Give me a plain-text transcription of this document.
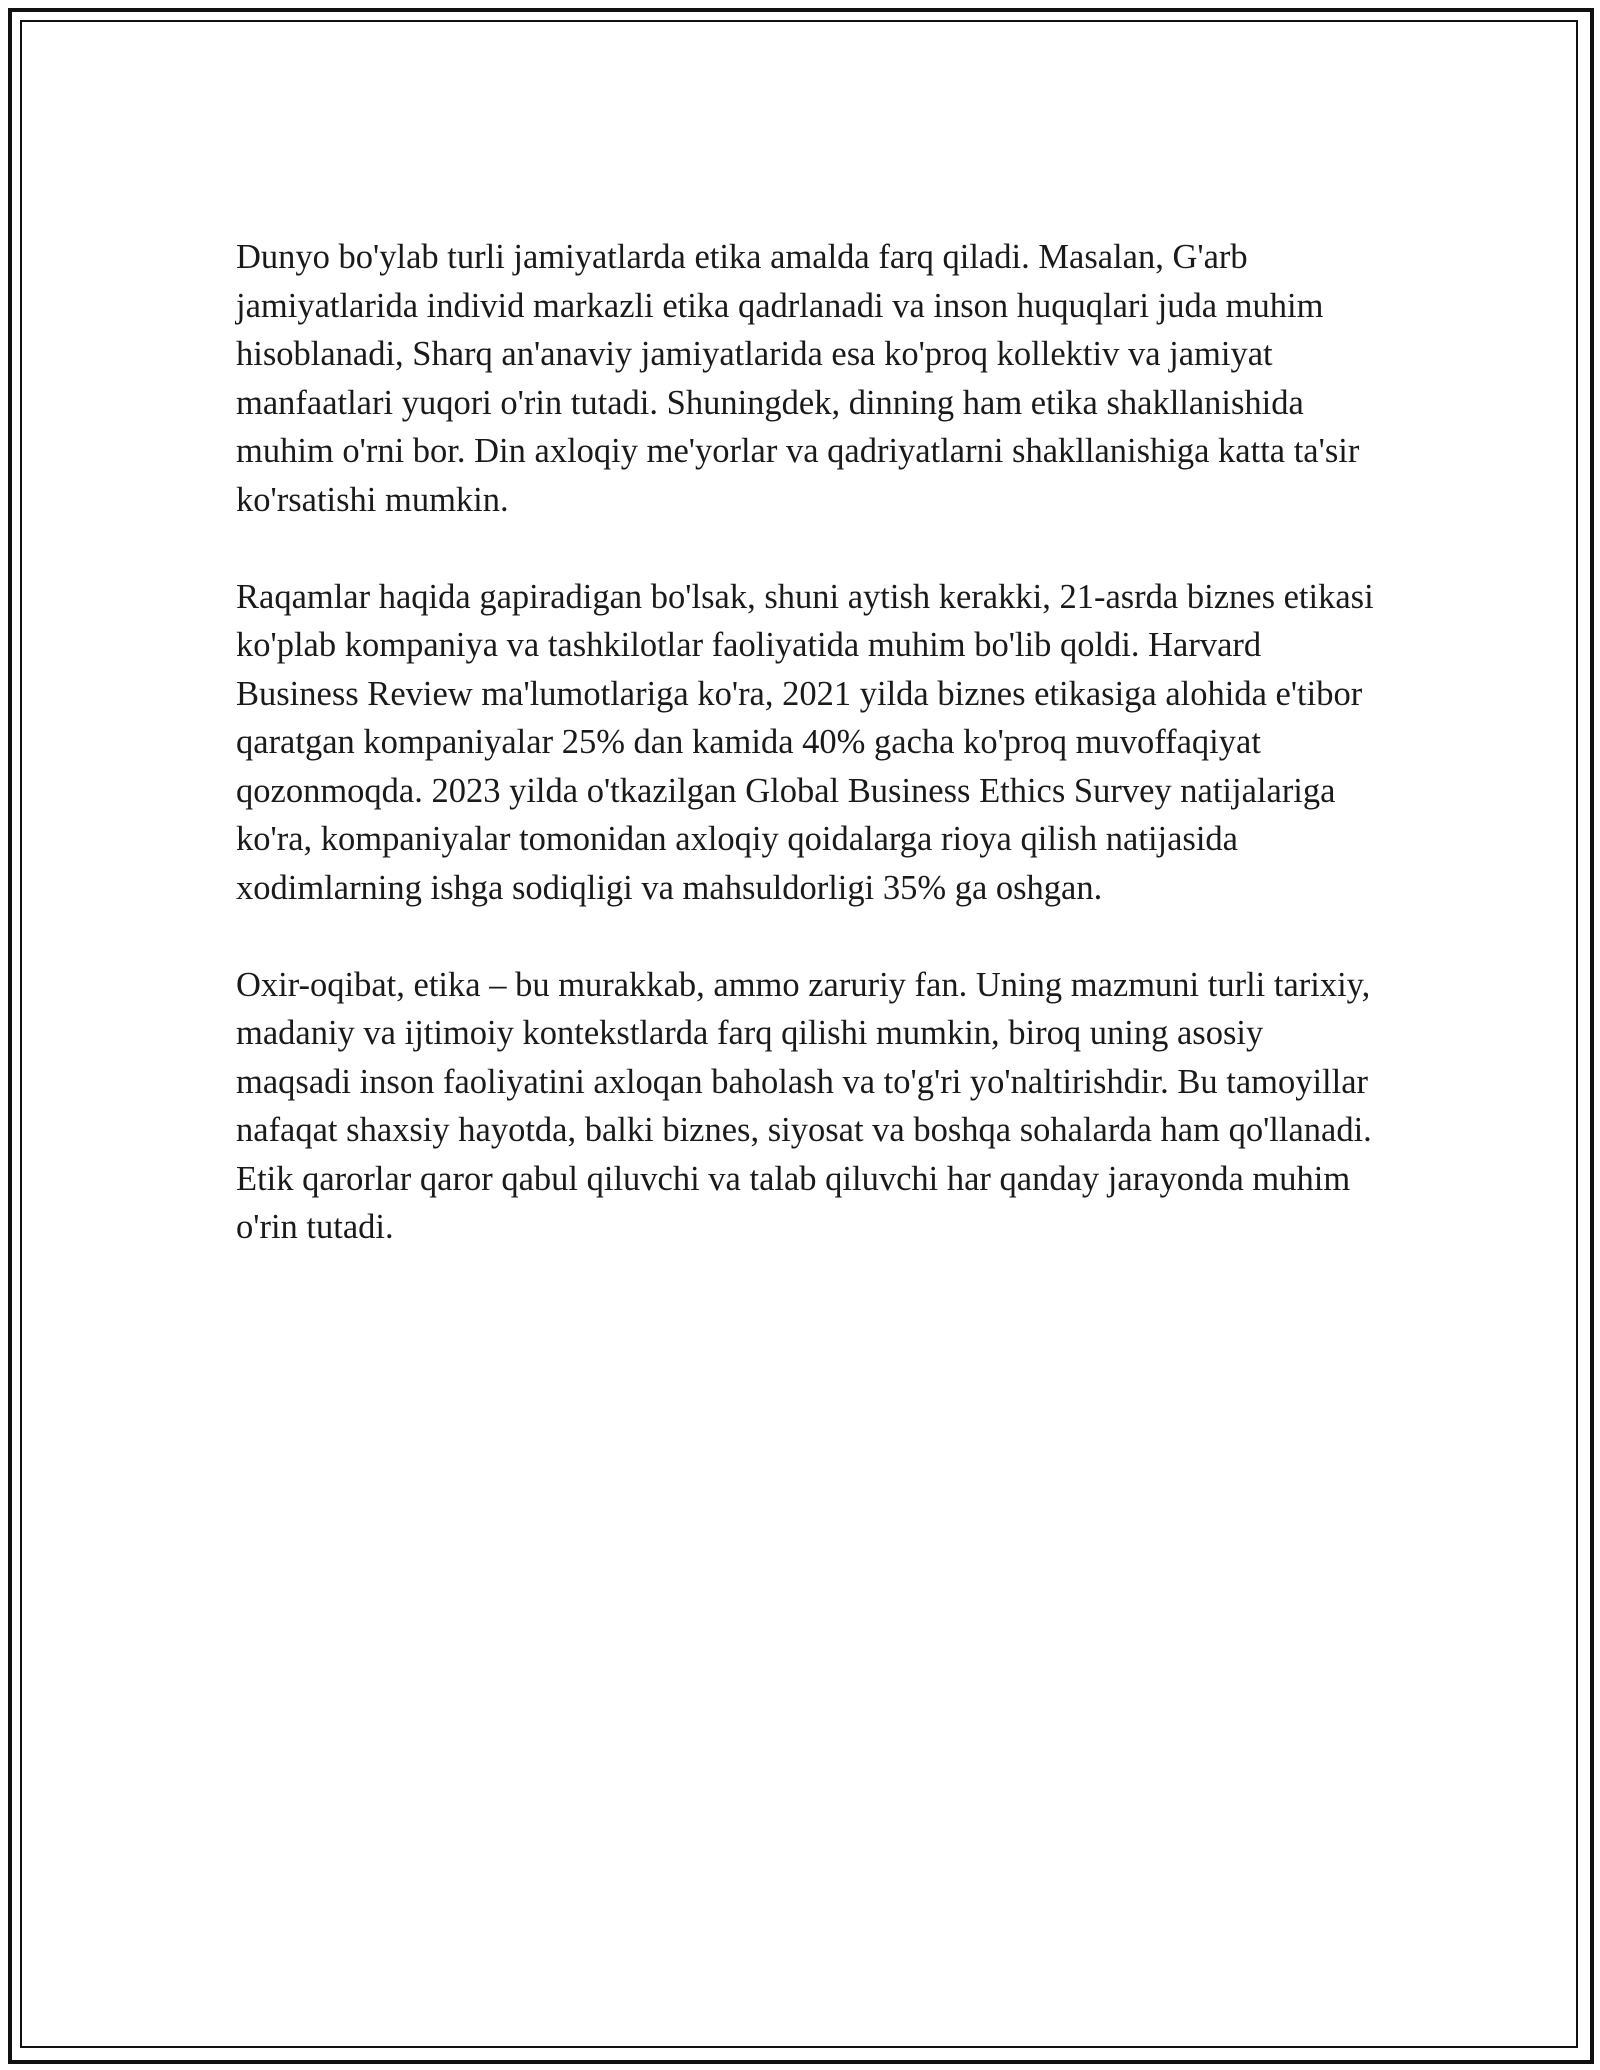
Dunyo bo'ylab turli jamiyatlarda etika amalda farq qiladi. Masalan, G'arb jamiyatlarida individ markazli etika qadrlanadi va inson huquqlari juda muhim hisoblanadi, Sharq an'anaviy jamiyatlarida esa ko'proq kollektiv va jamiyat manfaatlari yuqori o'rin tutadi. Shuningdek, dinning ham etika shakllanishida muhim o'rni bor. Din axloqiy me'yorlar va qadriyatlarni shakllanishiga katta ta'sir ko'rsatishi mumkin.

Raqamlar haqida gapiradigan bo'lsak, shuni aytish kerakki, 21-asrda biznes etikasi ko'plab kompaniya va tashkilotlar faoliyatida muhim bo'lib qoldi. Harvard Business Review ma'lumotlariga ko'ra, 2021 yilda biznes etikasiga alohida e'tibor qaratgan kompaniyalar 25% dan kamida 40% gacha ko'proq muvoffaqiyat qozonmoqda. 2023 yilda o'tkazilgan Global Business Ethics Survey natijalariga ko'ra, kompaniyalar tomonidan axloqiy qoidalarga rioya qilish natijasida xodimlarning ishga sodiqligi va mahsuldorligi 35% ga oshgan.

Oxir-oqibat, etika – bu murakkab, ammo zaruriy fan. Uning mazmuni turli tarixiy, madaniy va ijtimoiy kontekstlarda farq qilishi mumkin, biroq uning asosiy maqsadi inson faoliyatini axloqan baholash va to'g'ri yo'naltirishdir. Bu tamoyillar nafaqat shaxsiy hayotda, balki biznes, siyosat va boshqa sohalarda ham qo'llanadi. Etik qarorlar qaror qabul qiluvchi va talab qiluvchi har qanday jarayonda muhim o'rin tutadi.
